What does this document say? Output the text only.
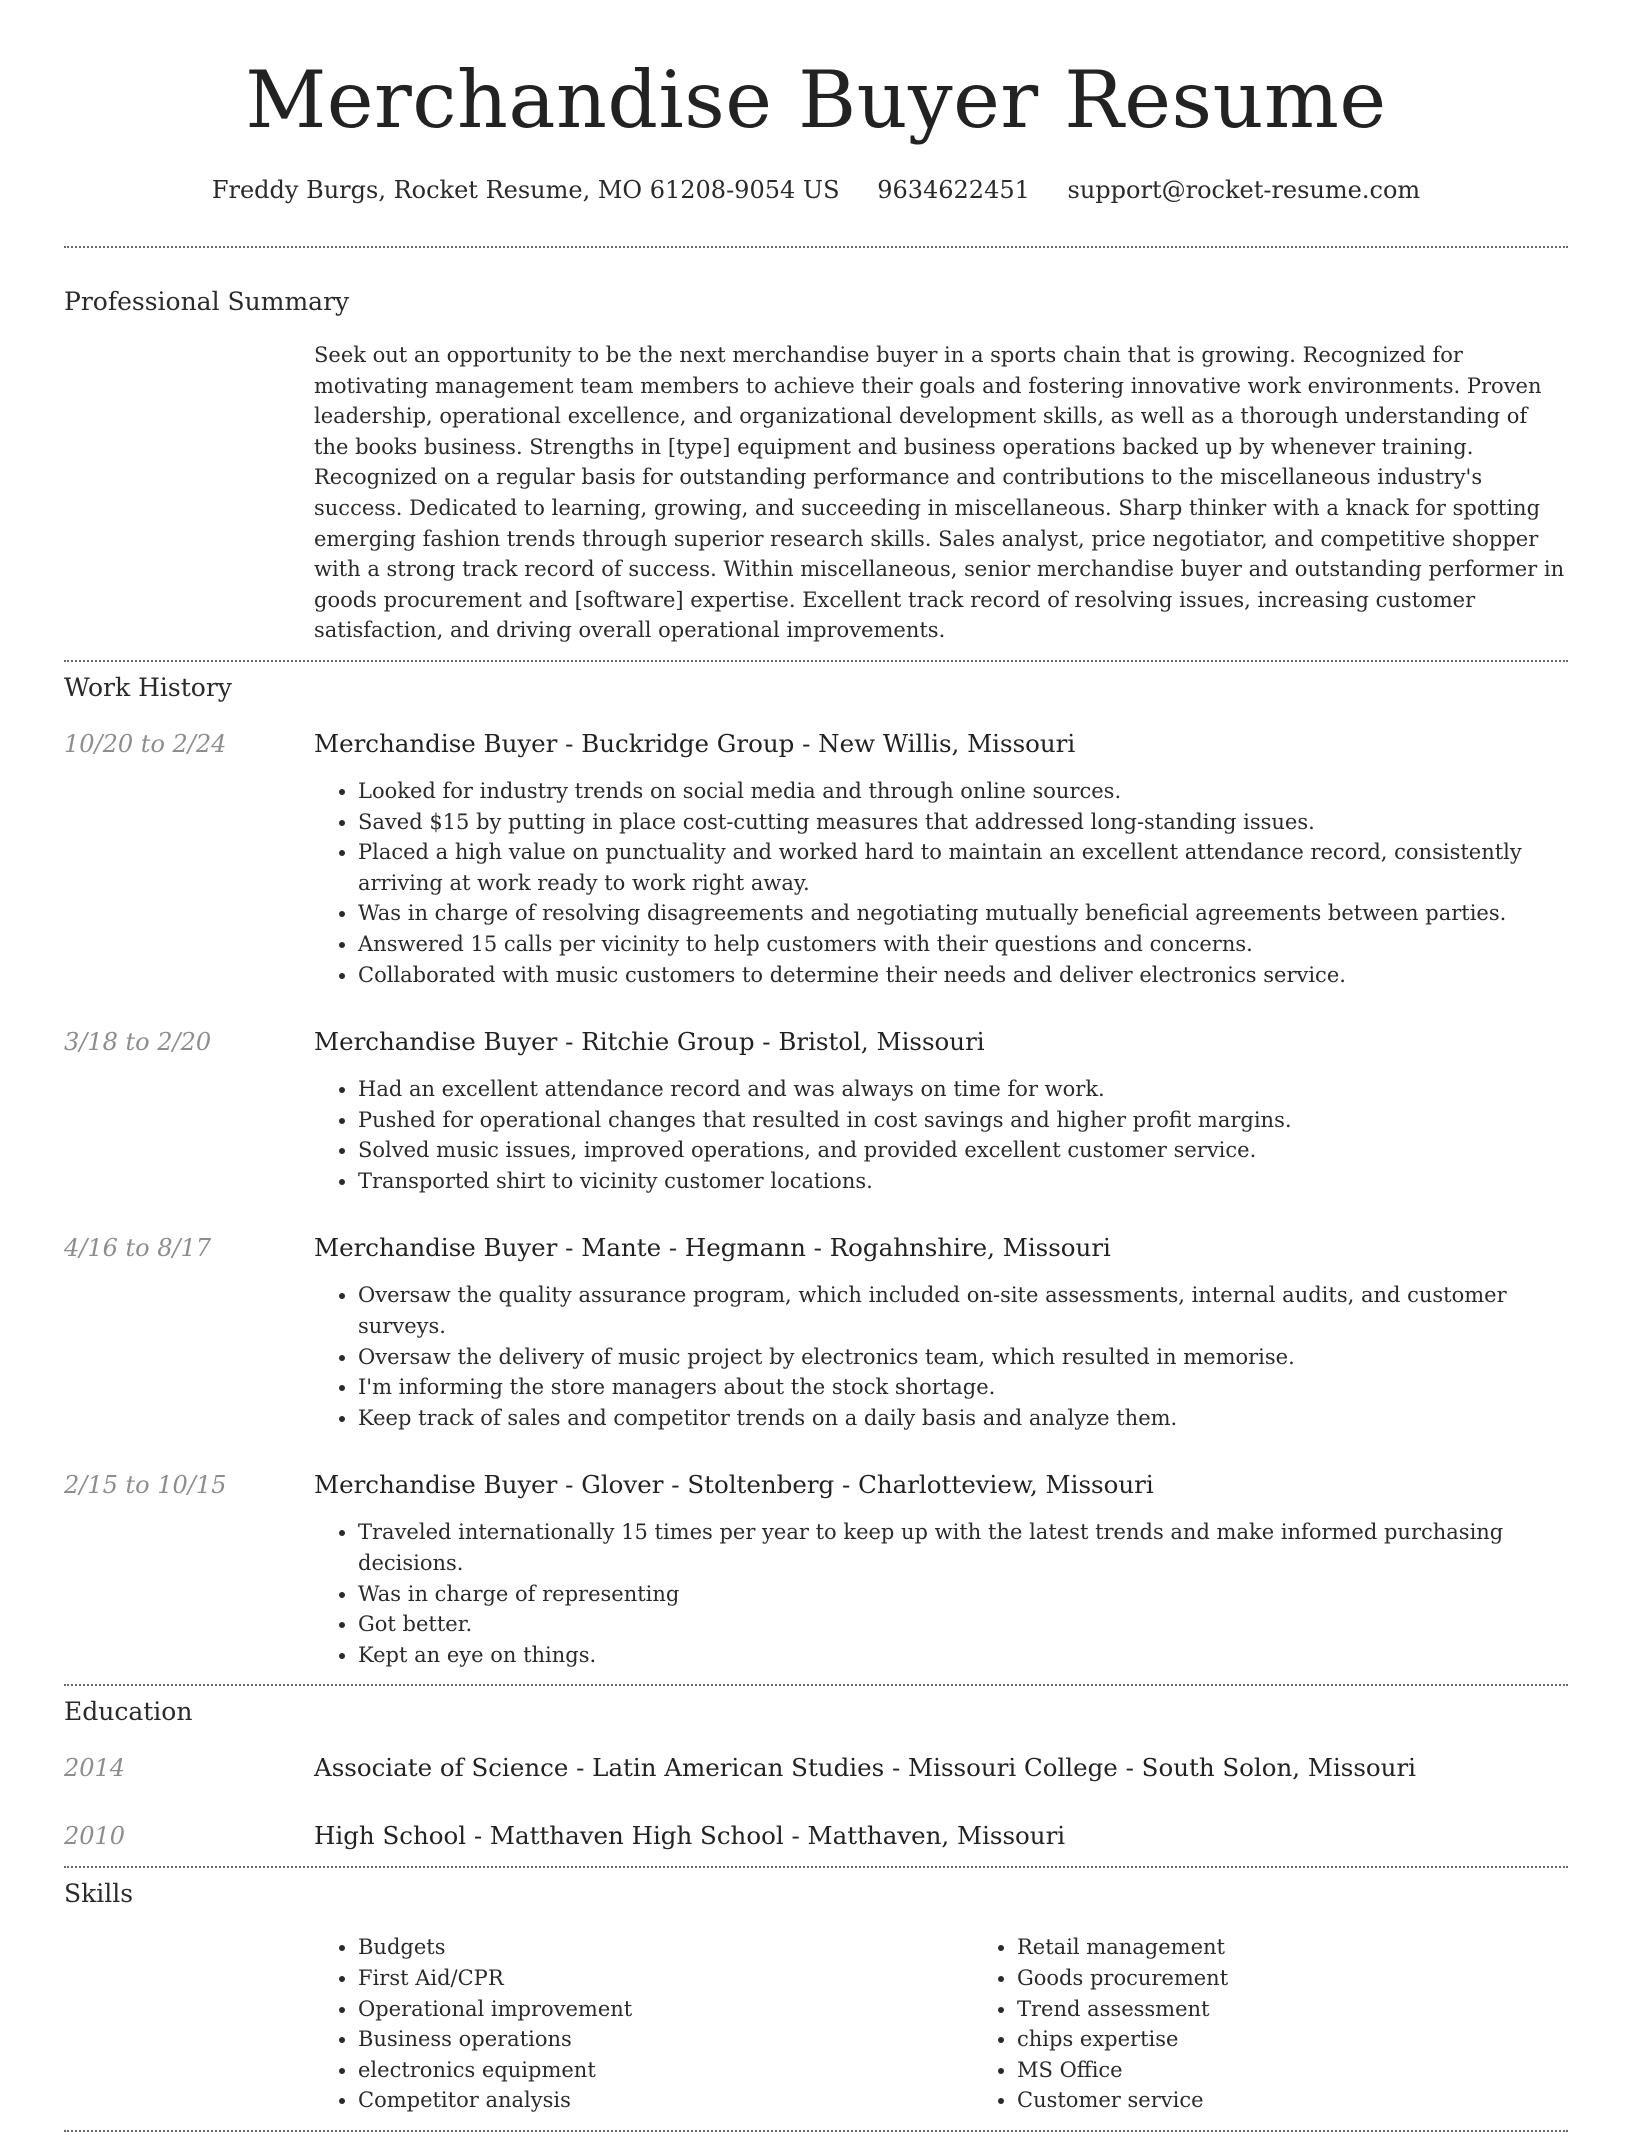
Merchandise Buyer Resume
Freddy Burgs, Rocket Resume, MO 61208-9054 US 9634622451 support@rocket-resume.com
Professional Summary
Seek out an opportunity to be the next merchandise buyer in a sports chain that is growing. Recognized for motivating management team members to achieve their goals and fostering innovative work environments. Proven leadership, operational excellence, and organizational development skills, as well as a thorough understanding of the books business. Strengths in [type] equipment and business operations backed up by whenever training. Recognized on a regular basis for outstanding performance and contributions to the miscellaneous industry's success. Dedicated to learning, growing, and succeeding in miscellaneous. Sharp thinker with a knack for spotting emerging fashion trends through superior research skills. Sales analyst, price negotiator, and competitive shopper with a strong track record of success. Within miscellaneous, senior merchandise buyer and outstanding performer in goods procurement and [software] expertise. Excellent track record of resolving issues, increasing customer satisfaction, and driving overall operational improvements.
Work History
10/20 to 2/24	Merchandise Buyer - Buckridge Group - New Willis, Missouri
• Looked for industry trends on social media and through online sources.
• Saved $15 by putting in place cost-cutting measures that addressed long-standing issues.
• Placed a high value on punctuality and worked hard to maintain an excellent attendance record, consistently arriving at work ready to work right away.
• Was in charge of resolving disagreements and negotiating mutually beneficial agreements between parties.
• Answered 15 calls per vicinity to help customers with their questions and concerns.
• Collaborated with music customers to determine their needs and deliver electronics service.
3/18 to 2/20	Merchandise Buyer - Ritchie Group - Bristol, Missouri
• Had an excellent attendance record and was always on time for work.
• Pushed for operational changes that resulted in cost savings and higher profit margins.
• Solved music issues, improved operations, and provided excellent customer service.
• Transported shirt to vicinity customer locations.
4/16 to 8/17	Merchandise Buyer - Mante - Hegmann - Rogahnshire, Missouri
• Oversaw the quality assurance program, which included on-site assessments, internal audits, and customer surveys.
• Oversaw the delivery of music project by electronics team, which resulted in memorise.
• I'm informing the store managers about the stock shortage.
• Keep track of sales and competitor trends on a daily basis and analyze them.
2/15 to 10/15	Merchandise Buyer - Glover - Stoltenberg - Charlotteview, Missouri
• Traveled internationally 15 times per year to keep up with the latest trends and make informed purchasing decisions.
• Was in charge of representing
• Got better.
• Kept an eye on things.
Education
2014	Associate of Science - Latin American Studies - Missouri College - South Solon, Missouri
2010	High School - Matthaven High School - Matthaven, Missouri
Skills
• Budgets
• First Aid/CPR
• Operational improvement
• Business operations
• electronics equipment
• Competitor analysis
• Retail management
• Goods procurement
• Trend assessment
• chips expertise
• MS Office
• Customer service
